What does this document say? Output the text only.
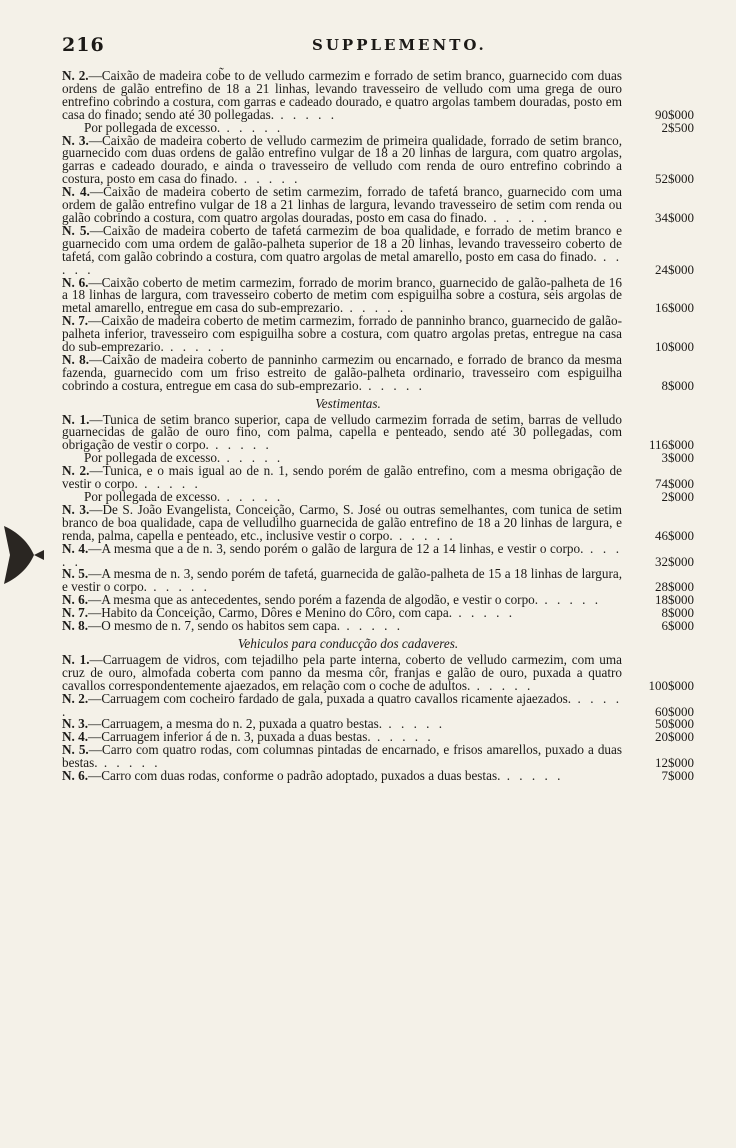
216	SUPPLEMENTO.

N. 2.—Caixão de madeira cob̃e to de velludo carmezim e forrado de setim branco, guarnecido com duas ordens de galão entrefino de 18 a 21 linhas, levando travesseiro de velludo com uma grega de ouro entrefino cobrindo a costura, com garras e cadeado dourado, e quatro argolas tambem douradas, posto em casa do finado; sendo até 30 pollegadas. . . . . .	90$000

Por pollegada de excesso. . . . . .	2$500

N. 3.—Caixão de madeira coberto de velludo carmezim de primeira qualidade, forrado de setim branco, guarnecido com duas ordens de galão entrefino vulgar de 18 a 20 linhas de largura, com quatro argolas, garras e cadeado dourado, e ainda o travesseiro de velludo com renda de ouro entrefino cobrindo a costura, posto em casa do finado. . . . . .	52$000

N. 4.—Caixão de madeira coberto de setim carmezim, forrado de tafetá branco, guarnecido com uma ordem de galão entrefino vulgar de 18 a 21 linhas de largura, levando travesseiro de setim com renda ou galão cobrindo a costura, com quatro argolas douradas, posto em casa do finado. . . . . .	34$000

N. 5.—Caixão de madeira coberto de tafetá carmezim de boa qualidade, e forrado de metim branco e guarnecido com uma ordem de galão-palheta superior de 18 a 20 linhas, levando travesseiro coberto de tafetá, com galão cobrindo a costura, com quatro argolas de metal amarello, posto em casa do finado. . . . . .	24$000

N. 6.—Caixão coberto de metim carmezim, forrado de morim branco, guarnecido de galão-palheta de 16 a 18 linhas de largura, com travesseiro coberto de metim com espiguilha sobre a costura, seis argolas de metal amarello, entregue em casa do sub-emprezario. . . . . .	16$000

N. 7.—Caixão de madeira coberto de metim carmezim, forrado de panninho branco, guarnecido de galão-palheta inferior, travesseiro com espiguilha sobre a costura, com quatro argolas pretas, entregue na casa do sub-emprezario. . . . . .	10$000

N. 8.—Caixão de madeira coberto de panninho carmezim ou encarnado, e forrado de branco da mesma fazenda, guarnecido com um friso estreito de galão-palheta ordinario, travesseiro com espiguilha cobrindo a costura, entregue em casa do sub-emprezario. . . . . .	8$000

Vestimentas.

N. 1.—Tunica de setim branco superior, capa de velludo carmezim forrada de setim, barras de velludo guarnecidas de galão de ouro fino, com palma, capella e penteado, sendo até 30 pollegadas, com obrigação de vestir o corpo. . . . . .	116$000

Por pollegada de excesso. . . . . .	3$000

N. 2.—Tunica, e o mais igual ao de n. 1, sendo porém de galão entrefino, com a mesma obrigação de vestir o corpo. . . . . .	74$000

Por pollegada de excesso. . . . . .	2$000

N. 3.—De S. João Evangelista, Conceição, Carmo, S. José ou outras semelhantes, com tunica de setim branco de boa qualidade, capa de velludilho guarnecida de galão entrefino de 18 a 20 linhas de largura, e renda, palma, capella e penteado, etc., inclusive vestir o corpo. . . . . .	46$000

N. 4.—A mesma que a de n. 3, sendo porém o galão de largura de 12 a 14 linhas, e vestir o corpo. . . . . .	32$000

N. 5.—A mesma de n. 3, sendo porém de tafetá, guarnecida de galão-palheta de 15 a 18 linhas de largura, e vestir o corpo. . . . . .	28$000

N. 6.—A mesma que as antecedentes, sendo porém a fazenda de algodão, e vestir o corpo. . . . . .	18$000

N. 7.—Habito da Conceição, Carmo, Dôres e Menino do Côro, com capa. . . . . .	8$000

N. 8.—O mesmo de n. 7, sendo os habitos sem capa. . . . . .	6$000

Vehiculos para conducção dos cadaveres.

N. 1.—Carruagem de vidros, com tejadilho pela parte interna, coberto de velludo carmezim, com uma cruz de ouro, almofada coberta com panno da mesma côr, franjas e galão de ouro, puxada a quatro cavallos correspondentemente ajaezados, em relação com o coche de adultos. . . . . .	100$000

N. 2.—Carruagem com cocheiro fardado de gala, puxada a quatro cavallos ricamente ajaezados. . . . . .	60$000

N. 3.—Carruagem, a mesma do n. 2, puxada a quatro bestas. . . . . .	50$000

N. 4.—Carruagem inferior á de n. 3, puxada a duas bestas. . . . . .	20$000

N. 5.—Carro com quatro rodas, com columnas pintadas de encarnado, e frisos amarellos, puxado a duas bestas. . . . . .	12$000

N. 6.—Carro com duas rodas, conforme o padrão adoptado, puxados a duas bestas. . . . . .	7$000
